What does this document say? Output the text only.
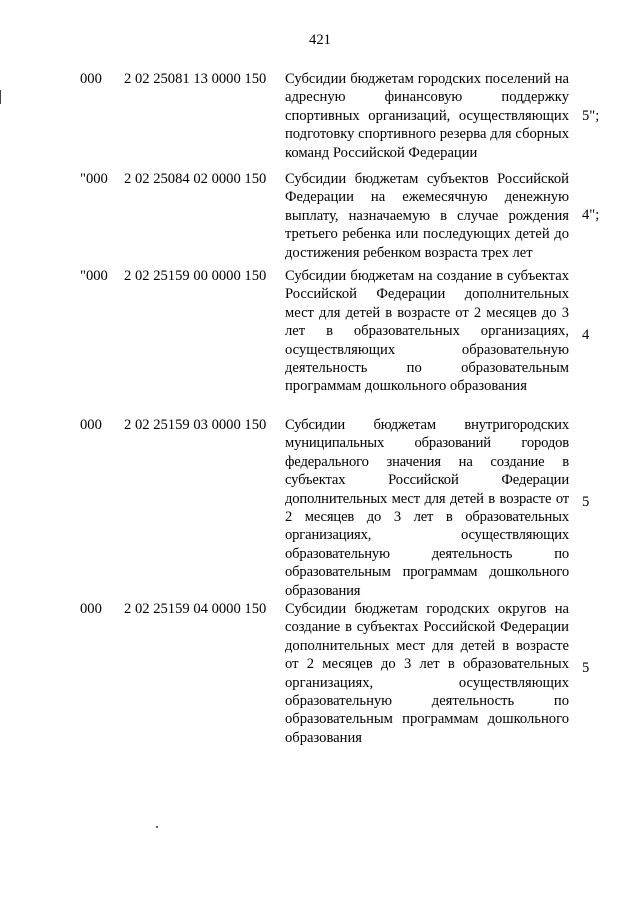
421
000 2 02 25081 13 0000 150 Субсидии бюджетам городских поселений на адресную финансовую поддержку спортивных организаций, осуществляющих подготовку спортивного резерва для сборных команд Российской Федерации
5";
"000 2 02 25084 02 0000 150 Субсидии бюджетам субъектов Российской Федерации на ежемесячную денежную выплату, назначаемую в случае рождения третьего ребенка или последующих детей до достижения ребенком возраста трех лет
4";
"000 2 02 25159 00 0000 150 Субсидии бюджетам на создание в субъектах Российской Федерации дополнительных мест для детей в возрасте от 2 месяцев до 3 лет в образовательных организациях, осуществляющих образовательную деятельность по образовательным программам дошкольного образования
4
000 2 02 25159 03 0000 150 Субсидии бюджетам внутригородских муниципальных образований городов федерального значения на создание в субъектах Российской Федерации дополнительных мест для детей в возрасте от 2 месяцев до 3 лет в образовательных организациях, осуществляющих образовательную деятельность по образовательным программам дошкольного образования
5
000 2 02 25159 04 0000 150 Субсидии бюджетам городских округов на создание в субъектах Российской Федерации дополнительных мест для детей в возрасте от 2 месяцев до 3 лет в образовательных организациях, осуществляющих образовательную деятельность по образовательным программам дошкольного образования
5
